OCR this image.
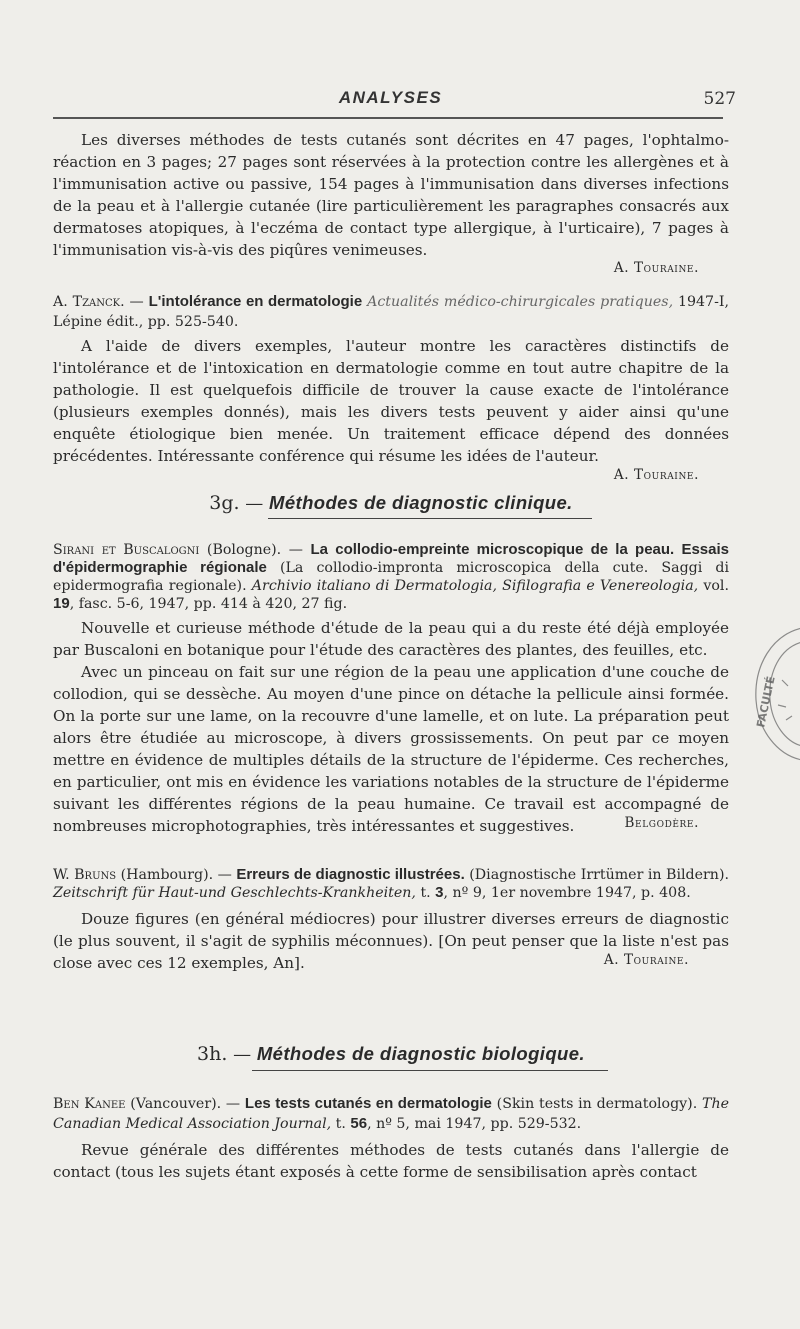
ANALYSES	527

Les diverses méthodes de tests cutanés sont décrites en 47 pages, l'ophtalmo-réaction en 3 pages; 27 pages sont réservées à la protection contre les allergènes et à l'immunisation active ou passive, 154 pages à l'immunisation dans diverses infections de la peau et à l'allergie cutanée (lire particulièrement les paragraphes consacrés aux dermatoses atopiques, à l'eczéma de contact type allergique, à l'urticaire), 7 pages à l'immunisation vis-à-vis des piqûres venimeuses.

A. Touraine.

A. Tzanck. — L'intolérance en dermatologie Actualités médico-chirurgicales pratiques, 1947-I, Lépine édit., pp. 525-540.

A l'aide de divers exemples, l'auteur montre les caractères distinctifs de l'intolérance et de l'intoxication en dermatologie comme en tout autre chapitre de la pathologie. Il est quelquefois difficile de trouver la cause exacte de l'intolérance (plusieurs exemples donnés), mais les divers tests peuvent y aider ainsi qu'une enquête étiologique bien menée. Un traitement efficace dépend des données précédentes. Intéressante conférence qui résume les idées de l'auteur.

A. Touraine.
3g. — Méthodes de diagnostic clinique.

Sirani et Buscalogni (Bologne). — La collodio-empreinte microscopique de la peau. Essais d'épidermographie régionale (La collodio-impronta microscopica della cute. Saggi di epidermografia regionale). Archivio italiano di Dermatologia, Sifilografia e Venereologia, vol. 19, fasc. 5-6, 1947, pp. 414 à 420, 27 fig.

Nouvelle et curieuse méthode d'étude de la peau qui a du reste été déjà employée par Buscaloni en botanique pour l'étude des caractères des plantes, des feuilles, etc.

Avec un pinceau on fait sur une région de la peau une application d'une couche de collodion, qui se dessèche. Au moyen d'une pince on détache la pellicule ainsi formée. On la porte sur une lame, on la recouvre d'une lamelle, et on lute. La préparation peut alors être étudiée au microscope, à divers grossissements. On peut par ce moyen mettre en évidence de multiples détails de la structure de l'épiderme. Ces recherches, en particulier, ont mis en évidence les variations notables de la structure de l'épiderme suivant les différentes régions de la peau humaine. Ce travail est accompagné de nombreuses microphotographies, très intéressantes et suggestives.	Belgodère.

W. Bruns (Hambourg). — Erreurs de diagnostic illustrées. (Diagnostische Irrtümer in Bildern). Zeitschrift für Haut-und Geschlechts-Krankheiten, t. 3, nº 9, 1er novembre 1947, p. 408.

Douze figures (en général médiocres) pour illustrer diverses erreurs de diagnostic (le plus souvent, il s'agit de syphilis méconnues). [On peut penser que la liste n'est pas close avec ces 12 exemples, An].	A. Touraine.
3h. — Méthodes de diagnostic biologique.

Ben Kanee (Vancouver). — Les tests cutanés en dermatologie (Skin tests in dermatology). The Canadian Medical Association Journal, t. 56, nº 5, mai 1947, pp. 529-532.

Revue générale des différentes méthodes de tests cutanés dans l'allergie de contact (tous les sujets étant exposés à cette forme de sensibilisation après contact

FACULTÉ
